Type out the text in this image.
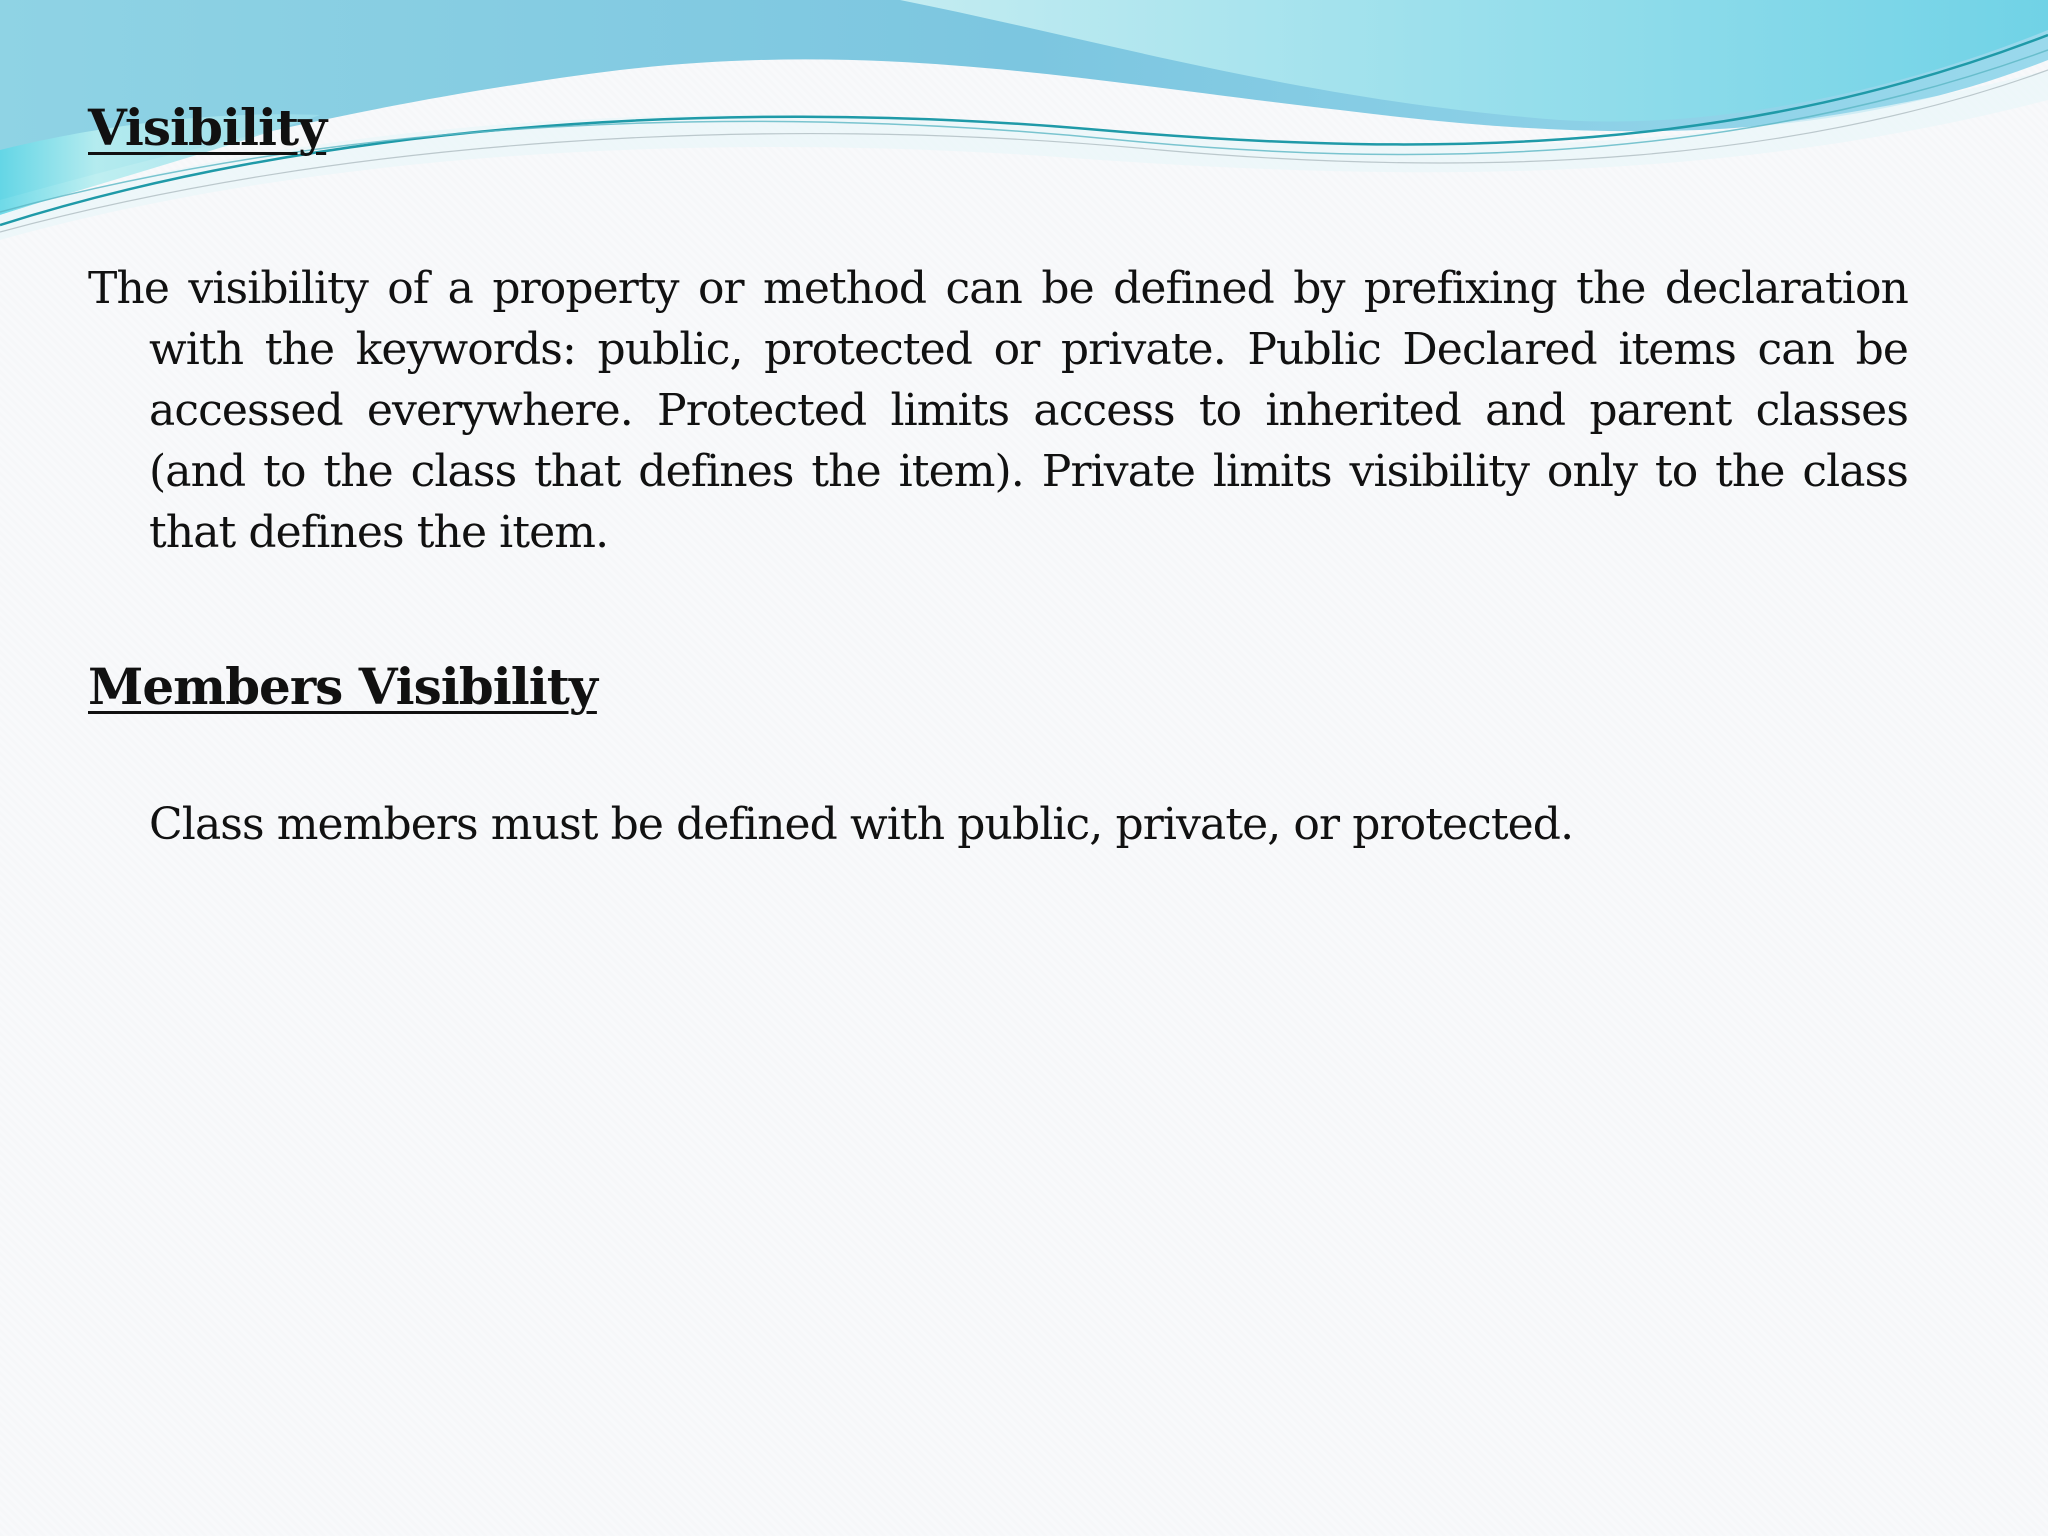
Visibility

The visibility of a property or method can be defined by prefixing the declaration with the keywords: public, protected or private. Public Declared items can be accessed everywhere. Protected limits access to inherited and parent classes (and to the class that defines the item). Private limits visibility only to the class that defines the item.

Members Visibility

Class members must be defined with public, private, or protected.
